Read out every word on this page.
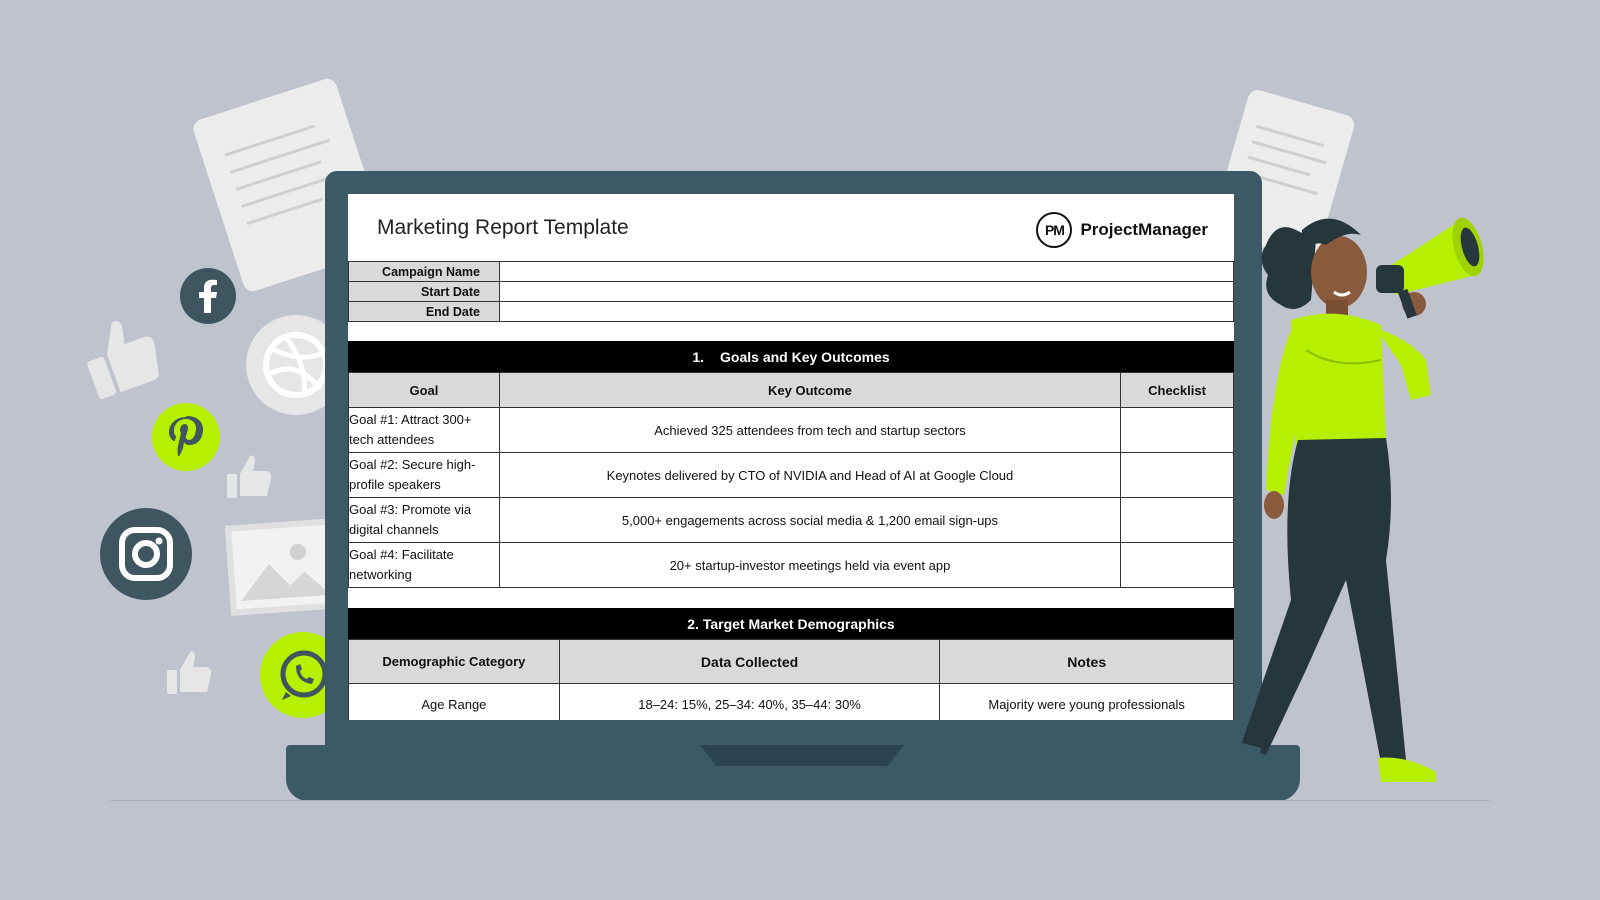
Marketing Report Template	PM ProjectManager
Campaign Name	
Start Date	
End Date	
1. Goals and Key Outcomes
Goal	Key Outcome	Checklist
Goal #1: Attract 300+ tech attendees	Achieved 325 attendees from tech and startup sectors	
Goal #2: Secure high-profile speakers	Keynotes delivered by CTO of NVIDIA and Head of AI at Google Cloud	
Goal #3: Promote via digital channels	5,000+ engagements across social media & 1,200 email sign-ups	
Goal #4: Facilitate networking	20+ startup-investor meetings held via event app	
2. Target Market Demographics
Demographic Category	Data Collected	Notes
Age Range	18–24: 15%, 25–34: 40%, 35–44: 30%	Majority were young professionals
